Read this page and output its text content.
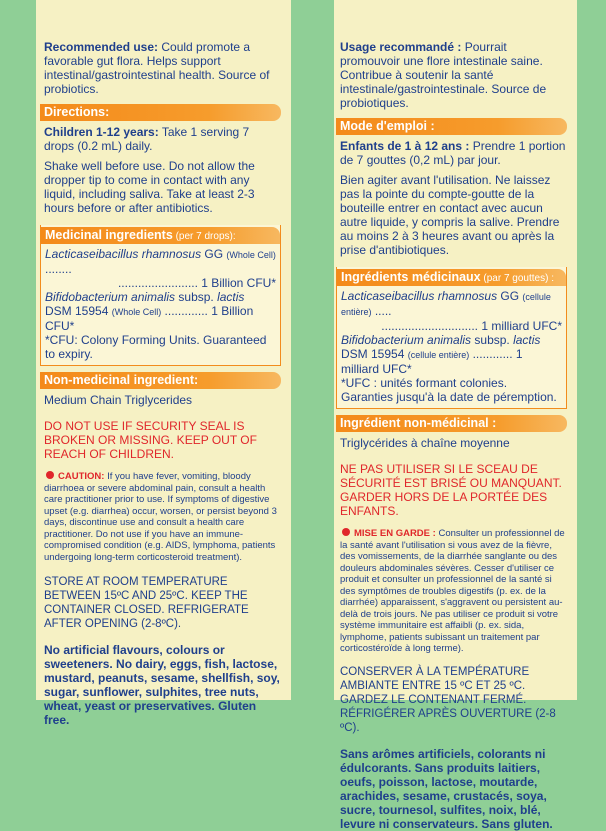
Recommended use: Could promote a favorable gut flora. Helps support intestinal/gastrointestinal health. Source of probiotics.

Directions:

Children 1-12 years: Take 1 serving 7 drops (0.2 mL) daily.

Shake well before use. Do not allow the dropper tip to come in contact with any liquid, including saliva. Take at least 2-3 hours before or after antibiotics.

Medicinal ingredients (per 7 drops):

Lacticaseibacillus rhamnosus GG (Whole Cell) ........

........................ 1 Billion CFU*

Bifidobacterium animalis subsp. lactis

DSM 15954 (Whole Cell) ............. 1 Billion CFU*

*CFU: Colony Forming Units. Guaranteed to expiry.

Non-medicinal ingredient:

Medium Chain Triglycerides

DO NOT USE IF SECURITY SEAL IS BROKEN OR MISSING. KEEP OUT OF REACH OF CHILDREN.

CAUTION: If you have fever, vomiting, bloody diarrhoea or severe abdominal pain, consult a health care practitioner prior to use. If symptoms of digestive upset (e.g. diarrhea) occur, worsen, or persist beyond 3 days, discontinue use and consult a health care practitioner. Do not use if you have an immune-compromised condition (e.g. AIDS, lymphoma, patients undergoing long-term corticosteroid treatment).

STORE AT ROOM TEMPERATURE BETWEEN 15ºC AND 25ºC. KEEP THE CONTAINER CLOSED. REFRIGERATE AFTER OPENING (2-8ºC).

No artificial flavours, colours or sweeteners. No dairy, eggs, fish, lactose, mustard, peanuts, sesame, shellfish, soy, sugar, sunflower, sulphites, tree nuts, wheat, yeast or preservatives. Gluten free.

Usage recommandé : Pourrait promouvoir une flore intestinale saine. Contribue à soutenir la santé intestinale/gastrointestinale. Source de probiotiques.

Mode d'emploi :

Enfants de 1 à 12 ans : Prendre 1 portion de 7 gouttes (0,2 mL) par jour.

Bien agiter avant l'utilisation. Ne laissez pas la pointe du compte-goutte de la bouteille entrer en contact avec aucun autre liquide, y compris la salive. Prendre au moins 2 à 3 heures avant ou après la prise d'antibiotiques.

Ingrédients médicinaux (par 7 gouttes) :

Lacticaseibacillus rhamnosus GG (cellule entière) .....

............................. 1 milliard UFC*

Bifidobacterium animalis subsp. lactis

DSM 15954 (cellule entière) ............ 1 milliard UFC*

*UFC : unités formant colonies. Garanties jusqu'à la date de péremption.

Ingrédient non-médicinal :

Triglycérides à chaîne moyenne

NE PAS UTILISER SI LE SCEAU DE SÉCURITÉ EST BRISÉ OU MANQUANT. GARDER HORS DE LA PORTÉE DES ENFANTS.

MISE EN GARDE : Consulter un professionnel de la santé avant l'utilisation si vous avez de la fièvre, des vomissements, de la diarrhée sanglante ou des douleurs abdominales sévères. Cesser d'utiliser ce produit et consulter un professionnel de la santé si des symptômes de troubles digestifs (p. ex. de la diarrhée) apparaissent, s'aggravent ou persistent au-delà de trois jours. Ne pas utiliser ce produit si votre système immunitaire est affaibli (p. ex. sida, lymphome, patients subissant un traitement par corticostéroïde à long terme).

CONSERVER À LA TEMPÉRATURE AMBIANTE ENTRE 15 ºC ET 25 ºC. GARDEZ LE CONTENANT FERMÉ. RÉFRIGÉRER APRÈS OUVERTURE (2-8 ºC).

Sans arômes artificiels, colorants ni édulcorants. Sans produits laitiers, oeufs, poisson, lactose, moutarde, arachides, sesame, crustacés, soya, sucre, tournesol, sulfites, noix, blé, levure ni conservateurs. Sans gluten.
